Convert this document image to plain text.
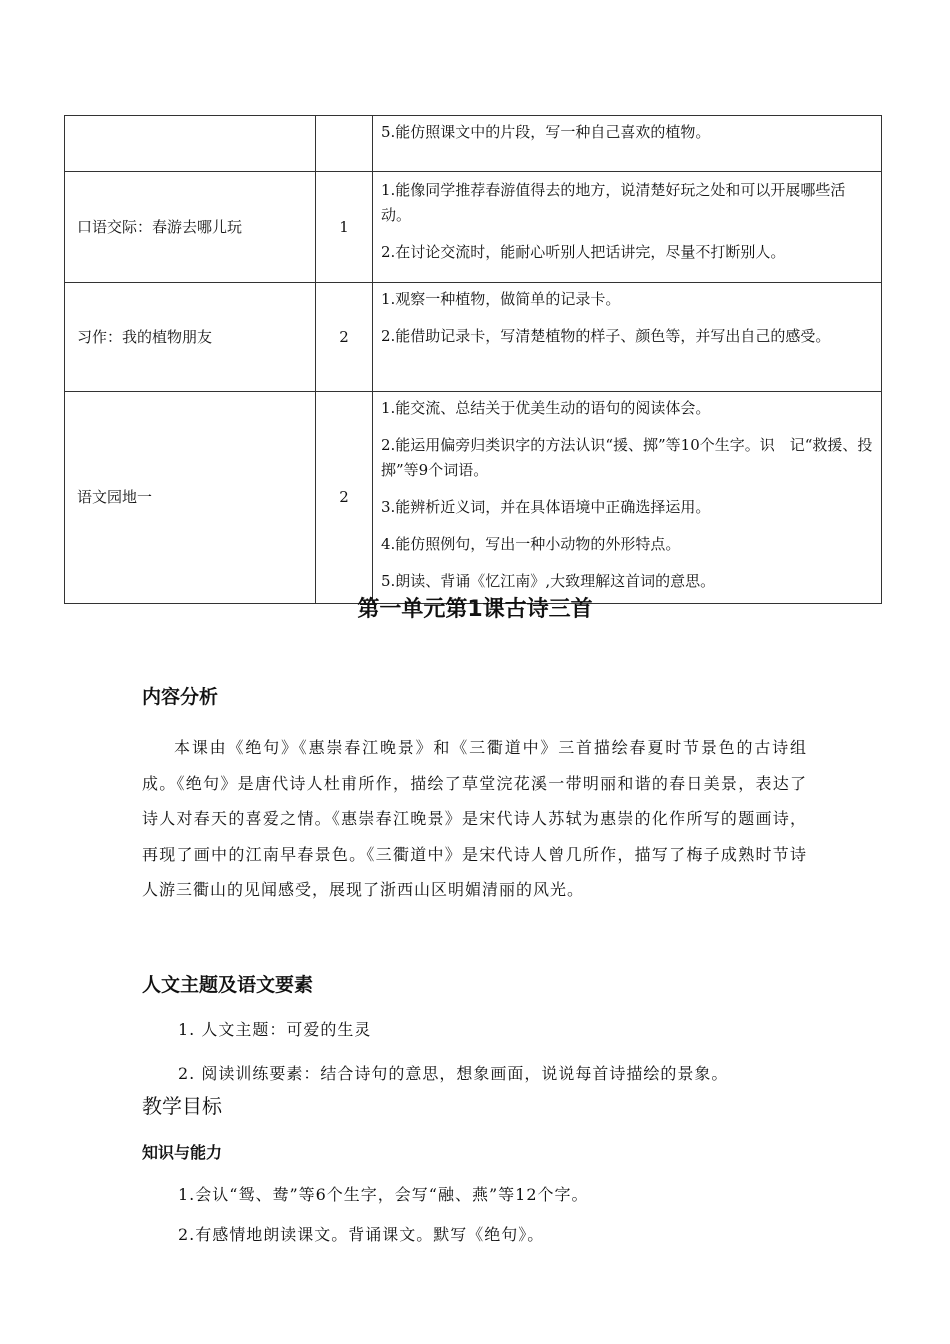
		5.能仿照课文中的片段，写一种自己喜欢的植物。

口语交际：春游去哪儿玩	1	1.能像同学推荐春游值得去的地方，说清楚好玩之处和可以开展哪些活动。
2.在讨论交流时，能耐心听别人把话讲完，尽量不打断别人。

习作：我的植物朋友	2	1.观察一种植物，做简单的记录卡。
2.能借助记录卡，写清楚植物的样子、颜色等，并写出自己的感受。

语文园地一	2	1.能交流、总结关于优美生动的语句的阅读体会。
2.能运用偏旁归类识字的方法认识“援、掷”等10个生字。识　记“救援、投掷”等9个词语。
3.能辨析近义词，并在具体语境中正确选择运用。
4.能仿照例句，写出一种小动物的外形特点。
5.朗读、背诵《忆江南》,大致理解这首词的意思。
第一单元第1课古诗三首
内容分析
本课由《绝句》《惠崇春江晚景》和《三衢道中》三首描绘春夏时节景色的古诗组成。《绝句》是唐代诗人杜甫所作，描绘了草堂浣花溪一带明丽和谐的春日美景，表达了诗人对春天的喜爱之情。《惠崇春江晚景》是宋代诗人苏轼为惠崇的化作所写的题画诗，再现了画中的江南早春景色。《三衢道中》是宋代诗人曾几所作，描写了梅子成熟时节诗人游三衢山的见闻感受，展现了浙西山区明媚清丽的风光。
人文主题及语文要素
1. 人文主题：可爱的生灵
2. 阅读训练要素：结合诗句的意思，想象画面，说说每首诗描绘的景象。
教学目标
知识与能力
1.会认“鸳、鸯”等6个生字，会写“融、燕”等12个字。
2.有感情地朗读课文。背诵课文。默写《绝句》。
